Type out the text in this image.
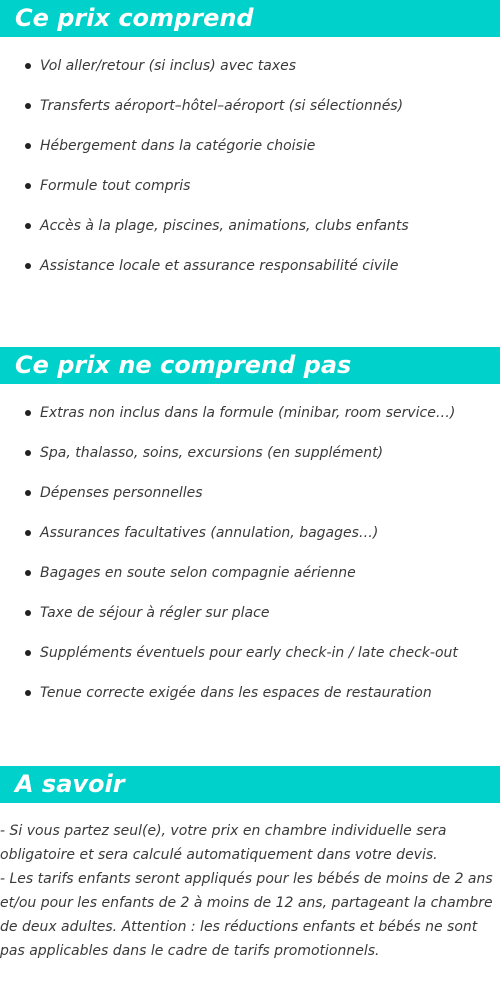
Ce prix comprend
Vol aller/retour (si inclus) avec taxes
Transferts aéroport–hôtel–aéroport (si sélectionnés)
Hébergement dans la catégorie choisie
Formule tout compris
Accès à la plage, piscines, animations, clubs enfants
Assistance locale et assurance responsabilité civile
Ce prix ne comprend pas
Extras non inclus dans la formule (minibar, room service…)
Spa, thalasso, soins, excursions (en supplément)
Dépenses personnelles
Assurances facultatives (annulation, bagages…)
Bagages en soute selon compagnie aérienne
Taxe de séjour à régler sur place
Suppléments éventuels pour early check-in / late check-out
Tenue correcte exigée dans les espaces de restauration
A savoir

- Si vous partez seul(e), votre prix en chambre individuelle sera obligatoire et sera calculé automatiquement dans votre devis.

- Les tarifs enfants seront appliqués pour les bébés de moins de 2 ans et/ou pour les enfants de 2 à moins de 12 ans, partageant la chambre de deux adultes. Attention : les réductions enfants et bébés ne sont pas applicables dans le cadre de tarifs promotionnels.
